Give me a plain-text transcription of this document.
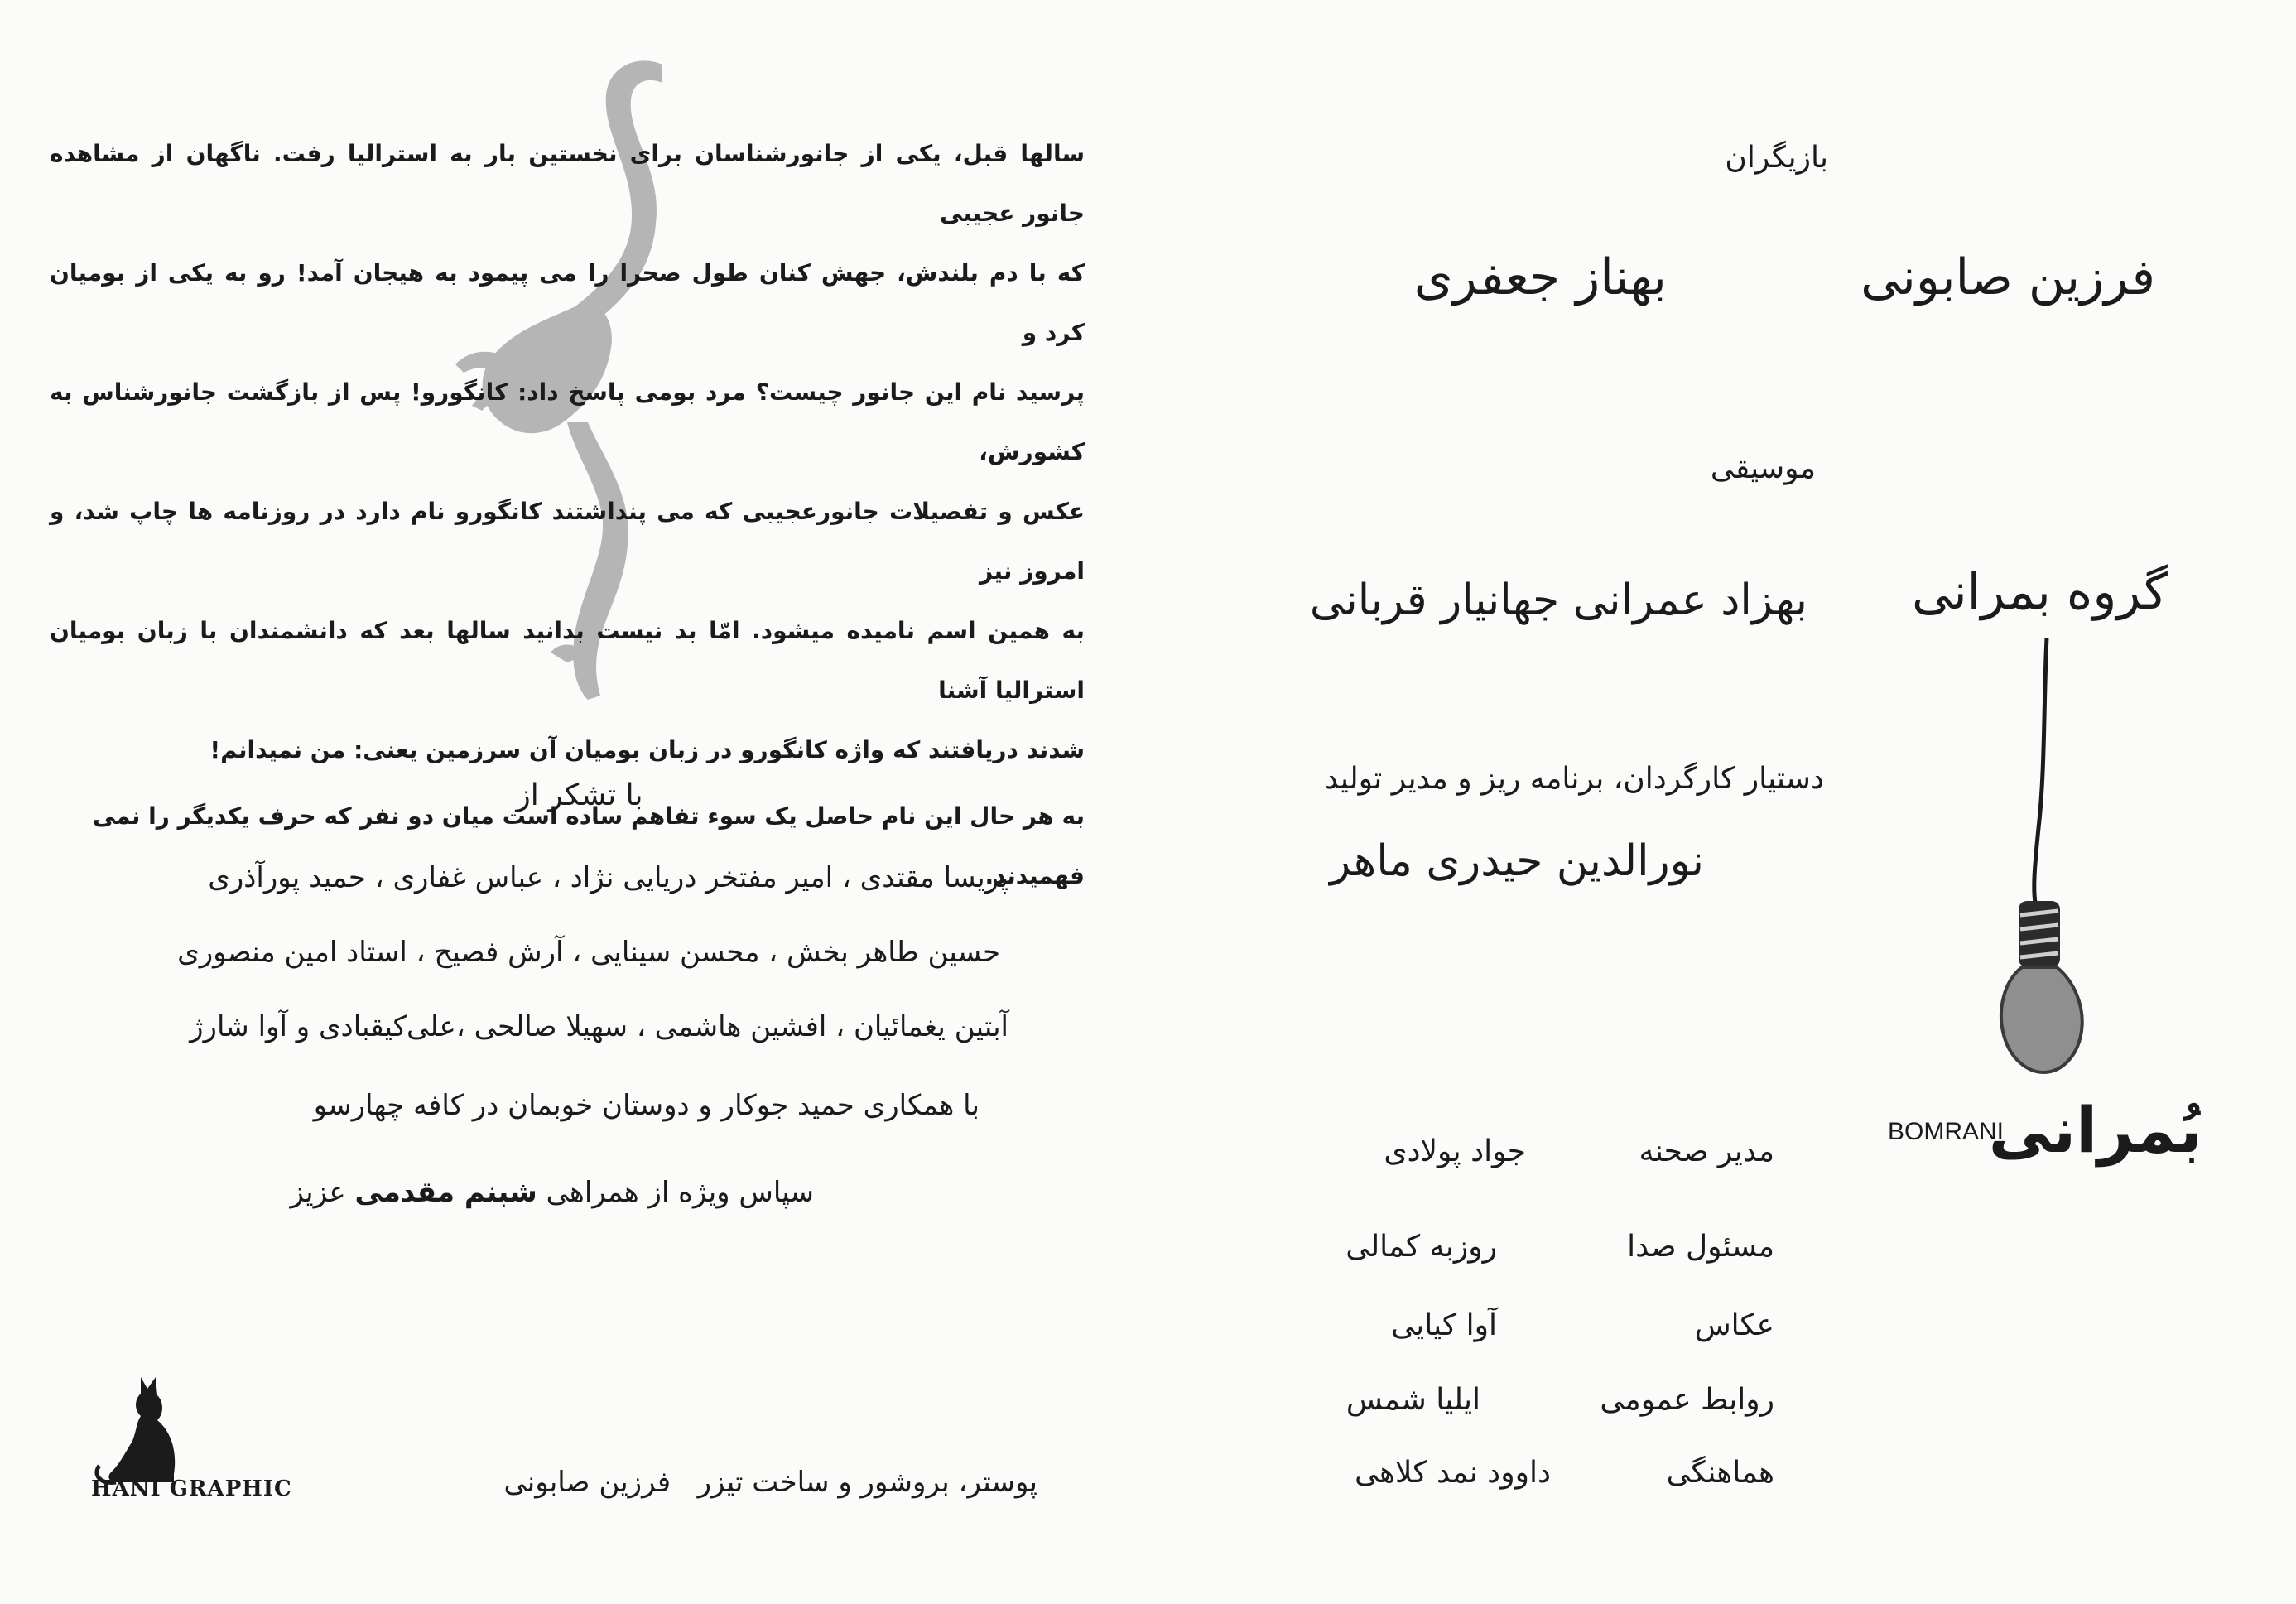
سالها قبل، یکی از جانورشناسان برای نخستین بار به استرالیا رفت. ناگهان از مشاهده جانور عجیبی

که با دم بلندش، جهش کنان طول صحرا را می پیمود به هیجان آمد! رو به یکی از بومیان کرد و

پرسید نام این جانور چیست؟ مرد بومی پاسخ داد: کانگورو! پس از بازگشت جانورشناس به کشورش،

عکس و تفصیلات جانورعجیبی که می پنداشتند کانگورو نام دارد در روزنامه ها چاپ شد، و امروز نیز

به همین اسم نامیده میشود. امّا بد نیست بدانید سالها بعد که دانشمندان با زبان بومیان استرالیا آشنا

شدند دریافتند که واژه کانگورو در زبان بومیان آن سرزمین یعنی: من نمیدانم!

به هر حال این نام حاصل یک سوء تفاهم ساده است میان دو نفر که حرف یکدیگر را نمی فهمیدند.

با تشکر از
پریسا مقتدی ، امیر مفتخر دریایی نژاد ، عباس غفاری ، حمید پورآذری
حسین طاهر بخش ، محسن سینایی ، آرش فصیح ، استاد امین منصوری
آبتین یغمائیان ، افشین هاشمی ، سهیلا صالحی ،علی‌کیقبادی و آوا شارژ
با همکاری حمید جوکار و دوستان خوبمان در کافه چهارسو
سپاس ویژه از همراهی شبنم مقدمی عزیز
پوستر، بروشور و ساخت تیزر   فرزین صابونی
HANI GRAPHIC
بازیگران
فرزین صابونی
بهناز جعفری
موسیقی
گروه بمرانی
بهزاد عمرانی جهانیار قربانی
دستیار کارگردان، برنامه ریز و مدیر تولید
نورالدین حیدری ماهر
بُمرانی
BOMRANI
مدیر صحنه
جواد پولادی
مسئول صدا
روزبه کمالی
عکاس
آوا کیایی
روابط عمومی
ایلیا شمس
هماهنگی
داوود نمد کلاهی
